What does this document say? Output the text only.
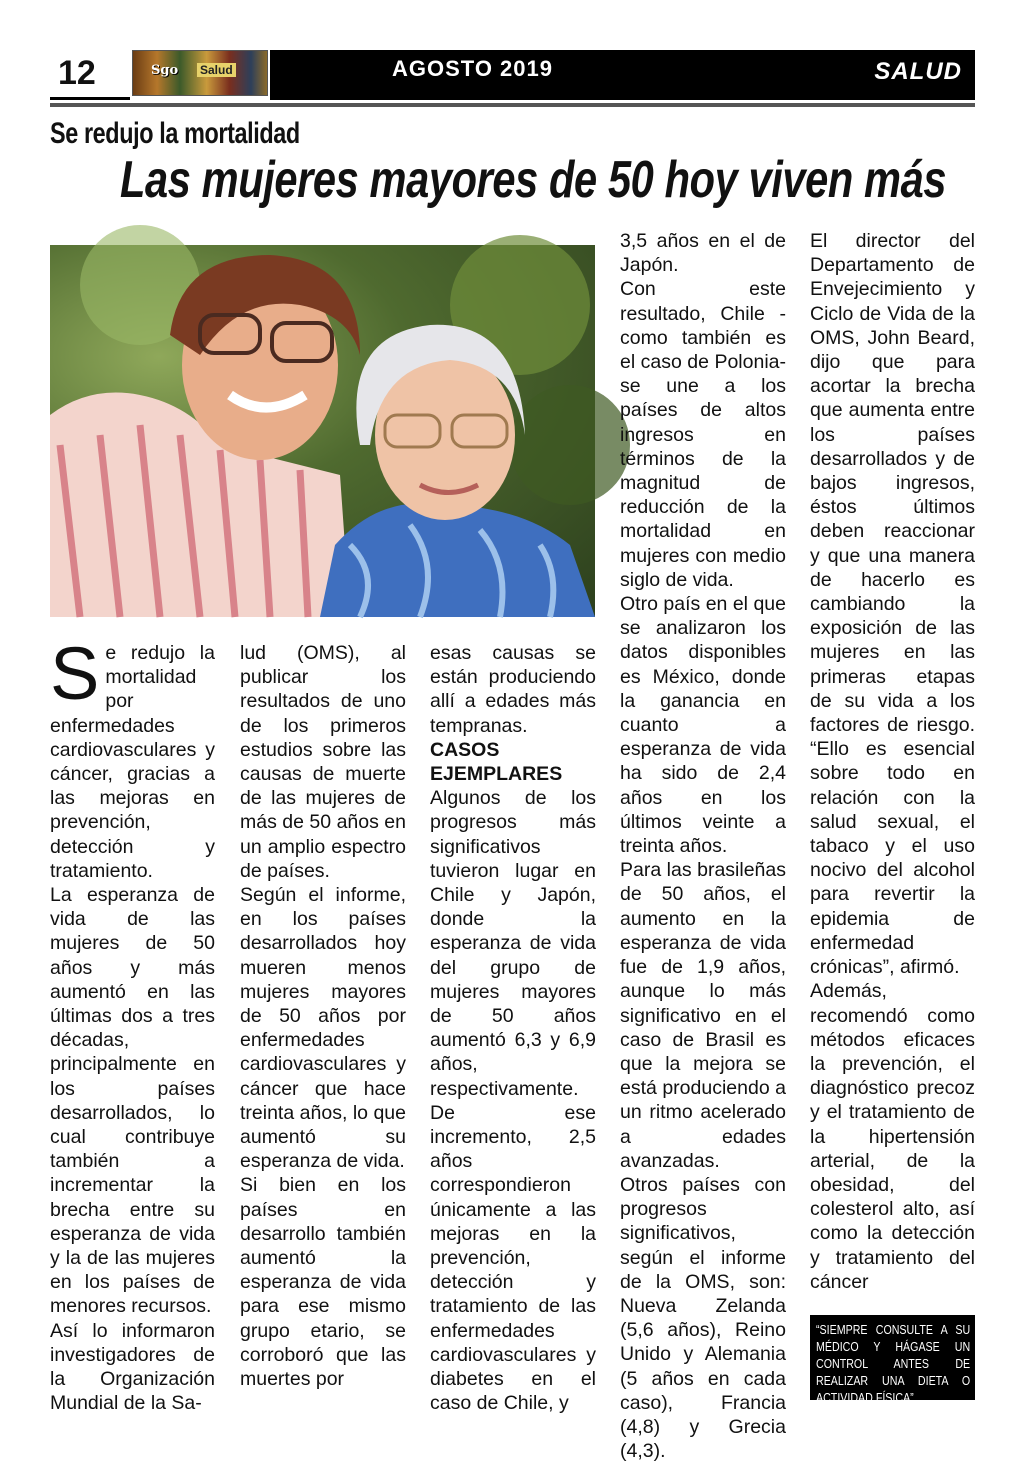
12	Sgo Salud	AGOSTO 2019	SALUD
Se redujo la mortalidad
Las mujeres mayores de 50 hoy viven más
S e redujo la mortalidad por enfermedades cardiovasculares y cáncer, gracias a las mejoras en prevención, detección y tratamiento.

La esperanza de vida de las mujeres de 50 años y más aumentó en las últimas dos a tres décadas, principalmente en los países desarrollados, lo cual contribuye también a incrementar la brecha entre su esperanza de vida y la de las mujeres en los países de menores recursos.

Así lo informaron investigadores de la Organización Mundial de la Sa-

lud (OMS), al publicar los resultados de uno de los primeros estudios sobre las causas de muerte de las mujeres de más de 50 años en un amplio espectro de países.

Según el informe, en los países desarrollados hoy mueren menos mujeres mayores de 50 años por enfermedades cardiovasculares y cáncer que hace treinta años, lo que aumentó su esperanza de vida.

Si bien en los países en desarrollo también aumentó la esperanza de vida para ese mismo grupo etario, se corroboró que las muertes por

esas causas se están produciendo allí a edades más tempranas.

CASOS EJEMPLARES

Algunos de los progresos más significativos tuvieron lugar en Chile y Japón, donde la esperanza de vida del grupo de mujeres mayores de 50 años aumentó 6,3 y 6,9 años, respectivamente.

De ese incremento, 2,5 años correspondieron únicamente a las mejoras en la prevención, detección y tratamiento de las enfermedades cardiovasculares y diabetes en el caso de Chile, y

3,5 años en el de Japón.

Con este resultado, Chile -como también es el caso de Polonia- se une a los países de altos ingresos en términos de la magnitud de reducción de la mortalidad en mujeres con medio siglo de vida.

Otro país en el que se analizaron los datos disponibles es México, donde la ganancia en cuanto a esperanza de vida ha sido de 2,4 años en los últimos veinte a treinta años.

Para las brasileñas de 50 años, el aumento en la esperanza de vida fue de 1,9 años, aunque lo más significativo en el caso de Brasil es que la mejora se está produciendo a un ritmo acelerado a edades avanzadas.

Otros países con progresos significativos, según el informe de la OMS, son: Nueva Zelanda (5,6 años), Reino Unido y Alemania (5 años en cada caso), Francia (4,8) y Grecia (4,3).

El director del Departamento de Envejecimiento y Ciclo de Vida de la OMS, John Beard, dijo que para acortar la brecha que aumenta entre los países desarrollados y de bajos ingresos, éstos últimos deben reaccionar y que una manera de hacerlo es cambiando la exposición de las mujeres en las primeras etapas de su vida a los factores de riesgo. “Ello es esencial sobre todo en relación con la salud sexual, el tabaco y el uso nocivo del alcohol para revertir la epidemia de enfermedad crónicas”, afirmó.

Además, recomendó como métodos eficaces la prevención, el diagnóstico precoz y el tratamiento de la hipertensión arterial, de la obesidad, del colesterol alto, así como la detección y tratamiento del cáncer

“SIEMPRE CONSULTE A SU MÉDICO Y HÁGASE UN CONTROL ANTES DE REALIZAR UNA DIETA O ACTIVIDAD FÍSICA”
